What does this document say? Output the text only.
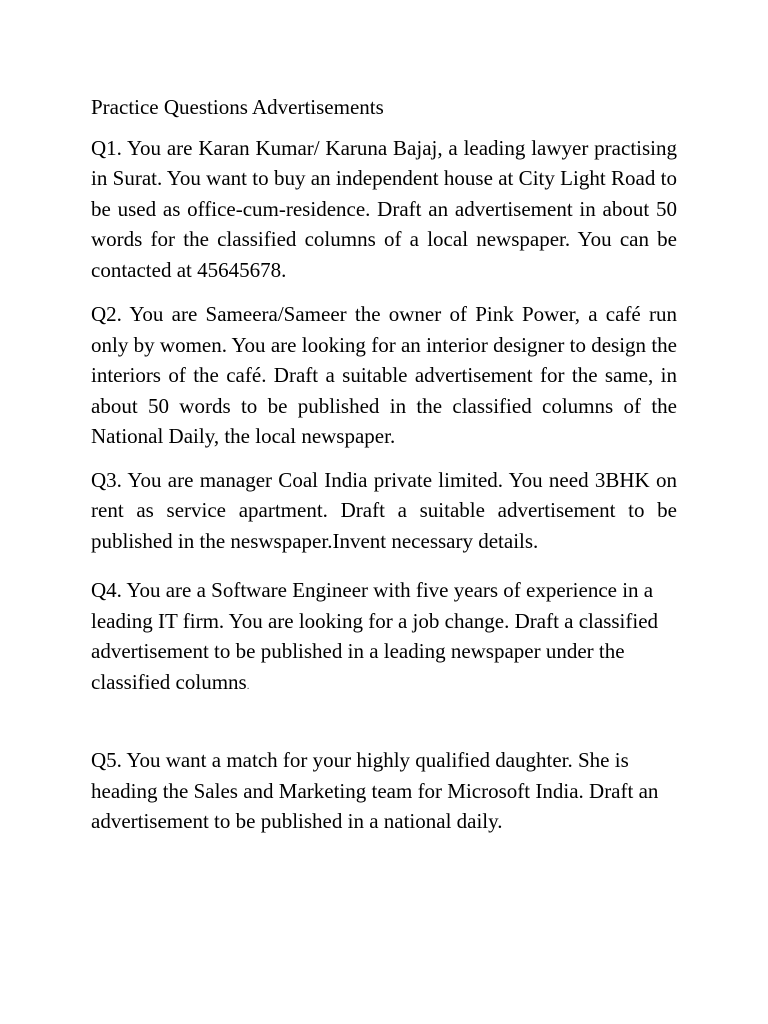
Practice Questions Advertisements

Q1. You are Karan Kumar/ Karuna Bajaj, a leading lawyer practising in Surat. You want to buy an independent house at City Light Road to be used as office-cum-residence. Draft an advertisement in about 50 words for the classified columns of a local newspaper. You can be contacted at 45645678.

Q2. You are Sameera/Sameer the owner of Pink Power, a café run only by women. You are looking for an interior designer to design the interiors of the café. Draft a suitable advertisement for the same, in about 50 words to be published in the classified columns of the National Daily, the local newspaper.

Q3. You are manager Coal India private limited. You need 3BHK on rent as service apartment. Draft a suitable advertisement to be published in the neswspaper.Invent necessary details.

Q4. You are a Software Engineer with five years of experience in a leading IT firm. You are looking for a job change. Draft a classified advertisement to be published in a leading newspaper under the classified columns.

Q5. You want a match for your highly qualified daughter. She is heading the Sales and Marketing team for Microsoft India. Draft an advertisement to be published in a national daily.
